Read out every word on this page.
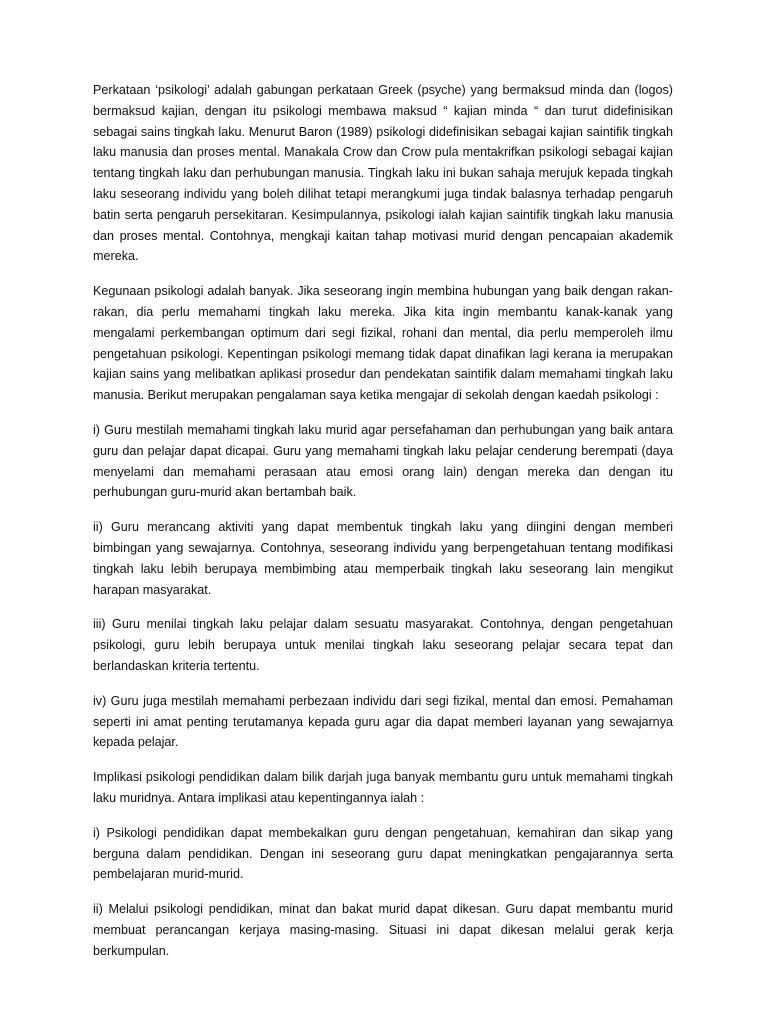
Perkataan ‘psikologi’ adalah gabungan perkataan Greek (psyche) yang bermaksud minda dan (logos) bermaksud kajian, dengan itu psikologi membawa maksud “ kajian minda “ dan turut didefinisikan sebagai sains tingkah laku. Menurut Baron (1989) psikologi didefinisikan sebagai kajian saintifik tingkah laku manusia dan proses mental. Manakala Crow dan Crow pula mentakrifkan psikologi sebagai kajian tentang tingkah laku dan perhubungan manusia. Tingkah laku ini bukan sahaja merujuk kepada tingkah laku seseorang individu yang boleh dilihat tetapi merangkumi juga tindak balasnya terhadap pengaruh batin serta pengaruh persekitaran. Kesimpulannya, psikologi ialah kajian saintifik tingkah laku manusia dan proses mental. Contohnya, mengkaji kaitan tahap motivasi murid dengan pencapaian akademik mereka.

Kegunaan psikologi adalah banyak. Jika seseorang ingin membina hubungan yang baik dengan rakan-rakan, dia perlu memahami tingkah laku mereka. Jika kita ingin membantu kanak-kanak yang mengalami perkembangan optimum dari segi fizikal, rohani dan mental, dia perlu memperoleh ilmu pengetahuan psikologi. Kepentingan psikologi memang tidak dapat dinafikan lagi kerana ia merupakan kajian sains yang melibatkan aplikasi prosedur dan pendekatan saintifik dalam memahami tingkah laku manusia. Berikut merupakan pengalaman saya ketika mengajar di sekolah dengan kaedah psikologi :

i) Guru mestilah memahami tingkah laku murid agar persefahaman dan perhubungan yang baik antara guru dan pelajar dapat dicapai. Guru yang memahami tingkah laku pelajar cenderung berempati (daya menyelami dan memahami perasaan atau emosi orang lain) dengan mereka dan dengan itu perhubungan guru-murid akan bertambah baik.

ii) Guru merancang aktiviti yang dapat membentuk tingkah laku yang diingini dengan memberi bimbingan yang sewajarnya. Contohnya, seseorang individu yang berpengetahuan tentang modifikasi tingkah laku lebih berupaya membimbing atau memperbaik tingkah laku seseorang lain mengikut harapan masyarakat.

iii) Guru menilai tingkah laku pelajar dalam sesuatu masyarakat. Contohnya, dengan pengetahuan psikologi, guru lebih berupaya untuk menilai tingkah laku seseorang pelajar secara tepat dan berlandaskan kriteria tertentu.

iv) Guru juga mestilah memahami perbezaan individu dari segi fizikal, mental dan emosi. Pemahaman seperti ini amat penting terutamanya kepada guru agar dia dapat memberi layanan yang sewajarnya kepada pelajar.

Implikasi psikologi pendidikan dalam bilik darjah juga banyak membantu guru untuk memahami tingkah laku muridnya. Antara implikasi atau kepentingannya ialah :

i) Psikologi pendidikan dapat membekalkan guru dengan pengetahuan, kemahiran dan sikap yang berguna dalam pendidikan. Dengan ini seseorang guru dapat meningkatkan pengajarannya serta pembelajaran murid-murid.

ii) Melalui psikologi pendidikan, minat dan bakat murid dapat dikesan. Guru dapat membantu murid membuat perancangan kerjaya masing-masing. Situasi ini dapat dikesan melalui gerak kerja berkumpulan.
